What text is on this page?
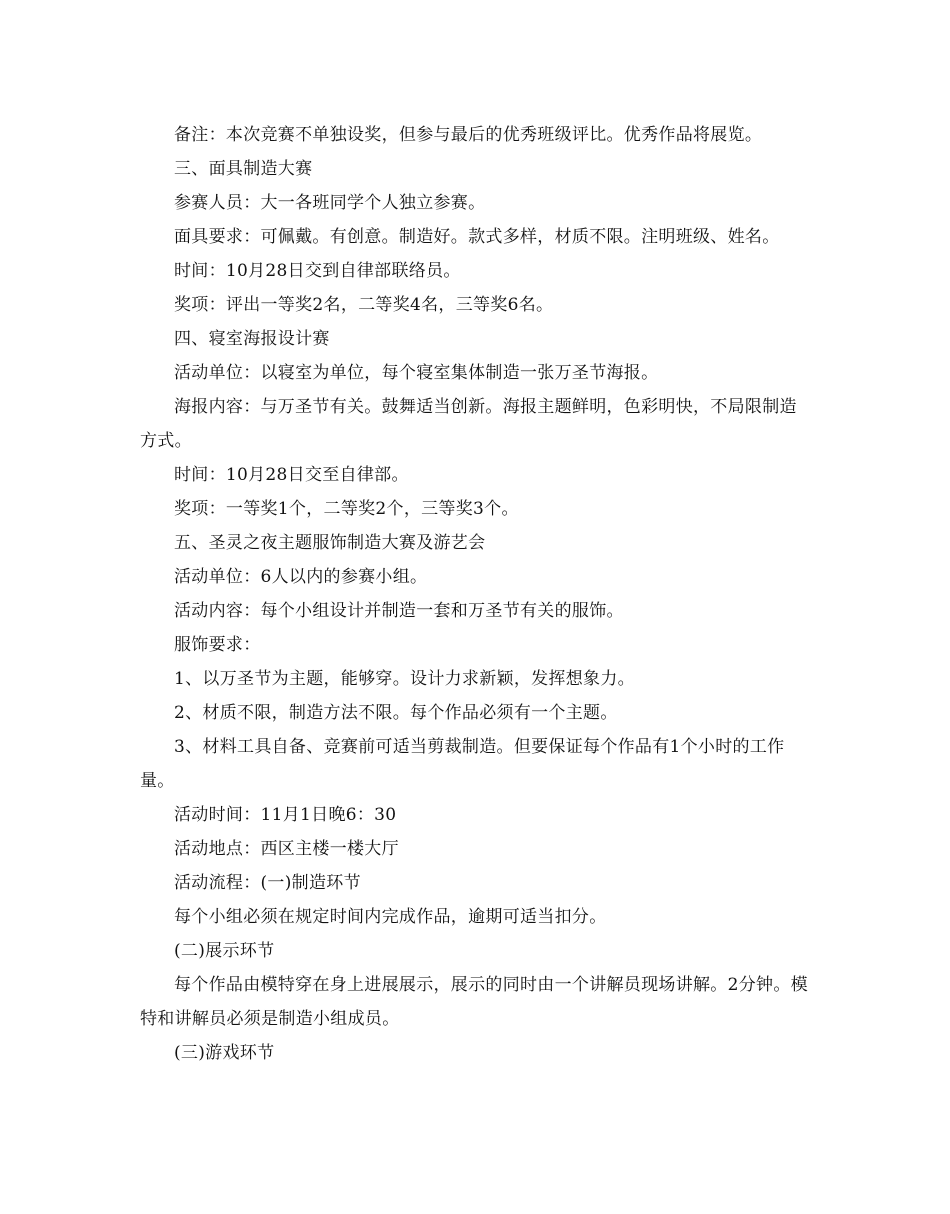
备注：本次竞赛不单独设奖，但参与最后的优秀班级评比。优秀作品将展览。

三、面具制造大赛

参赛人员：大一各班同学个人独立参赛。

面具要求：可佩戴。有创意。制造好。款式多样，材质不限。注明班级、姓名。

时间：10月28日交到自律部联络员。

奖项：评出一等奖2名，二等奖4名，三等奖6名。

四、寝室海报设计赛

活动单位：以寝室为单位，每个寝室集体制造一张万圣节海报。

海报内容：与万圣节有关。鼓舞适当创新。海报主题鲜明，色彩明快，不局限制造方式。

时间：10月28日交至自律部。

奖项：一等奖1个，二等奖2个，三等奖3个。

五、圣灵之夜主题服饰制造大赛及游艺会

活动单位：6人以内的参赛小组。

活动内容：每个小组设计并制造一套和万圣节有关的服饰。

服饰要求：

1、以万圣节为主题，能够穿。设计力求新颖，发挥想象力。

2、材质不限，制造方法不限。每个作品必须有一个主题。

3、材料工具自备、竞赛前可适当剪裁制造。但要保证每个作品有1个小时的工作量。

活动时间：11月1日晚6：30

活动地点：西区主楼一楼大厅

活动流程：(一)制造环节

每个小组必须在规定时间内完成作品，逾期可适当扣分。

(二)展示环节

每个作品由模特穿在身上进展展示，展示的同时由一个讲解员现场讲解。2分钟。模特和讲解员必须是制造小组成员。

(三)游戏环节
